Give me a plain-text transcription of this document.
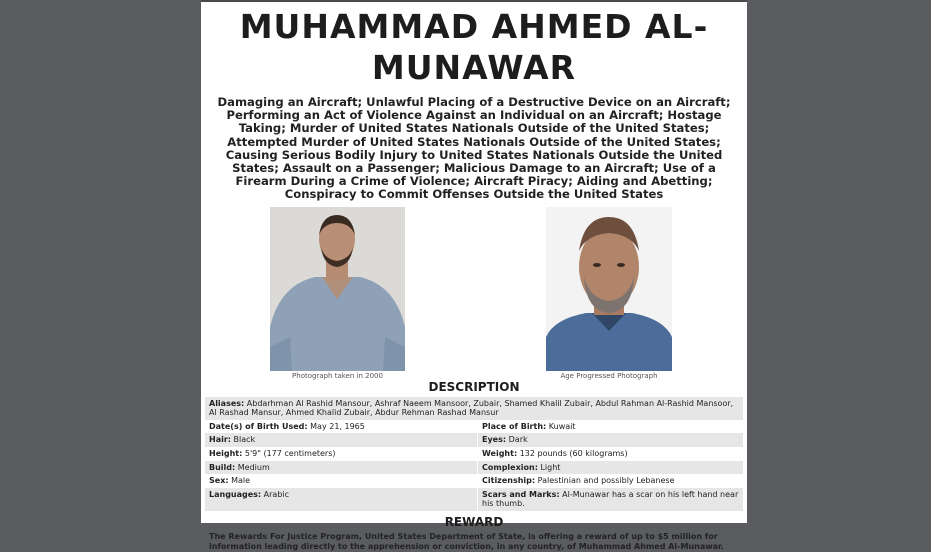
MUHAMMAD AHMED AL-MUNAWAR
Damaging an Aircraft; Unlawful Placing of a Destructive Device on an Aircraft; Performing an Act of Violence Against an Individual on an Aircraft; Hostage Taking; Murder of United States Nationals Outside of the United States; Attempted Murder of United States Nationals Outside of the United States; Causing Serious Bodily Injury to United States Nationals Outside the United States; Assault on a Passenger; Malicious Damage to an Aircraft; Use of a Firearm During a Crime of Violence; Aircraft Piracy; Aiding and Abetting; Conspiracy to Commit Offenses Outside the United States
Photograph taken in 2000	Age Progressed Photograph
DESCRIPTION
Aliases: Abdarhman Al Rashid Mansour, Ashraf Naeem Mansoor, Zubair, Shamed Khalil Zubair, Abdul Rahman Al-Rashid Mansoor, Al Rashad Mansur, Ahmed Khalid Zubair, Abdur Rehman Rashad Mansur	
Date(s) of Birth Used: May 21, 1965	Place of Birth: Kuwait
Hair: Black	Eyes: Dark
Height: 5'9" (177 centimeters)	Weight: 132 pounds (60 kilograms)
Build: Medium	Complexion: Light
Sex: Male	Citizenship: Palestinian and possibly Lebanese
Languages: Arabic	Scars and Marks: Al-Munawar has a scar on his left hand near his thumb.
REWARD
The Rewards For Justice Program, United States Department of State, is offering a reward of up to $5 million for information leading directly to the apprehension or conviction, in any country, of Muhammad Ahmed Al-Munawar.
